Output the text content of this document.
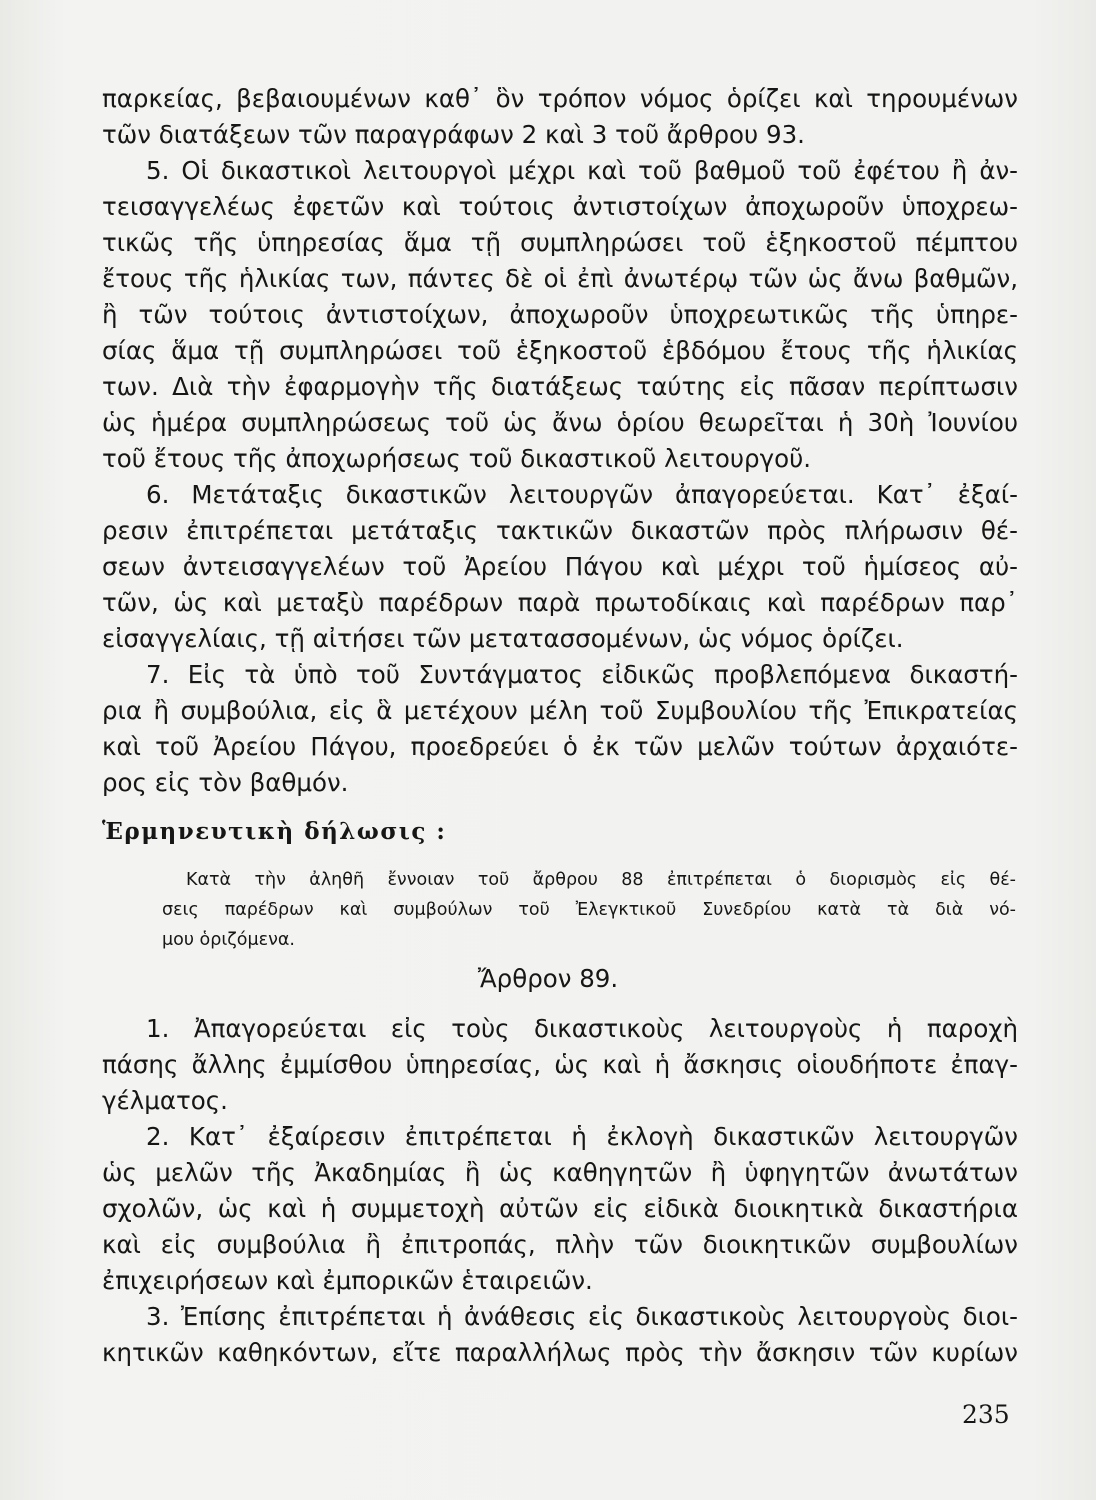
παρκείας, βεβαιουμένων καθ᾽ ὃν τρόπον νόμος ὁρίζει καὶ τηρουμένων
τῶν διατάξεων τῶν παραγράφων 2 καὶ 3 τοῦ ἄρθρου 93.
5. Οἱ δικαστικοὶ λειτουργοὶ μέχρι καὶ τοῦ βαθμοῦ τοῦ ἐφέτου ἢ ἀν-
τεισαγγελέως ἐφετῶν καὶ τούτοις ἀντιστοίχων ἀποχωροῦν ὑποχρεω-
τικῶς τῆς ὑπηρεσίας ἅμα τῇ συμπληρώσει τοῦ ἑξηκοστοῦ πέμπτου
ἔτους τῆς ἡλικίας των, πάντες δὲ οἱ ἐπὶ ἀνωτέρῳ τῶν ὡς ἄνω βαθμῶν,
ἢ τῶν τούτοις ἀντιστοίχων, ἀποχωροῦν ὑποχρεωτικῶς τῆς ὑπηρε-
σίας ἅμα τῇ συμπληρώσει τοῦ ἑξηκοστοῦ ἑβδόμου ἔτους τῆς ἡλικίας
των. Διὰ τὴν ἐφαρμογὴν τῆς διατάξεως ταύτης εἰς πᾶσαν περίπτωσιν
ὡς ἡμέρα συμπληρώσεως τοῦ ὡς ἄνω ὁρίου θεωρεῖται ἡ 30ὴ Ἰουνίου
τοῦ ἔτους τῆς ἀποχωρήσεως τοῦ δικαστικοῦ λειτουργοῦ.
6. Μετάταξις δικαστικῶν λειτουργῶν ἀπαγορεύεται. Κατ᾽ ἐξαί-
ρεσιν ἐπιτρέπεται μετάταξις τακτικῶν δικαστῶν πρὸς πλήρωσιν θέ-
σεων ἀντεισαγγελέων τοῦ Ἀρείου Πάγου καὶ μέχρι τοῦ ἡμίσεος αὐ-
τῶν, ὡς καὶ μεταξὺ παρέδρων παρὰ πρωτοδίκαις καὶ παρέδρων παρ᾽
εἰσαγγελίαις, τῇ αἰτήσει τῶν μετατασσομένων, ὡς νόμος ὁρίζει.
7. Εἰς τὰ ὑπὸ τοῦ Συντάγματος εἰδικῶς προβλεπόμενα δικαστή-
ρια ἢ συμβούλια, εἰς ἃ μετέχουν μέλη τοῦ Συμβουλίου τῆς Ἐπικρατείας
καὶ τοῦ Ἀρείου Πάγου, προεδρεύει ὁ ἐκ τῶν μελῶν τούτων ἀρχαιότε-
ρος εἰς τὸν βαθμόν.
Ἑρμηνευτικὴ δήλωσις :
Κατὰ τὴν ἀληθῆ ἔννοιαν τοῦ ἄρθρου 88 ἐπιτρέπεται ὁ διορισμὸς εἰς θέ-
σεις παρέδρων καὶ συμβούλων τοῦ Ἐλεγκτικοῦ Συνεδρίου κατὰ τὰ διὰ νό-
μου ὁριζόμενα.
Ἄρθρον 89.
1. Ἀπαγορεύεται εἰς τοὺς δικαστικοὺς λειτουργοὺς ἡ παροχὴ
πάσης ἄλλης ἐμμίσθου ὑπηρεσίας, ὡς καὶ ἡ ἄσκησις οἱουδήποτε ἐπαγ-
γέλματος.
2. Κατ᾽ ἐξαίρεσιν ἐπιτρέπεται ἡ ἐκλογὴ δικαστικῶν λειτουργῶν
ὡς μελῶν τῆς Ἀκαδημίας ἢ ὡς καθηγητῶν ἢ ὑφηγητῶν ἀνωτάτων
σχολῶν, ὡς καὶ ἡ συμμετοχὴ αὐτῶν εἰς εἰδικὰ διοικητικὰ δικαστήρια
καὶ εἰς συμβούλια ἢ ἐπιτροπάς, πλὴν τῶν διοικητικῶν συμβουλίων
ἐπιχειρήσεων καὶ ἐμπορικῶν ἑταιρειῶν.
3. Ἐπίσης ἐπιτρέπεται ἡ ἀνάθεσις εἰς δικαστικοὺς λειτουργοὺς διοι-
κητικῶν καθηκόντων, εἴτε παραλλήλως πρὸς τὴν ἄσκησιν τῶν κυρίων
235
